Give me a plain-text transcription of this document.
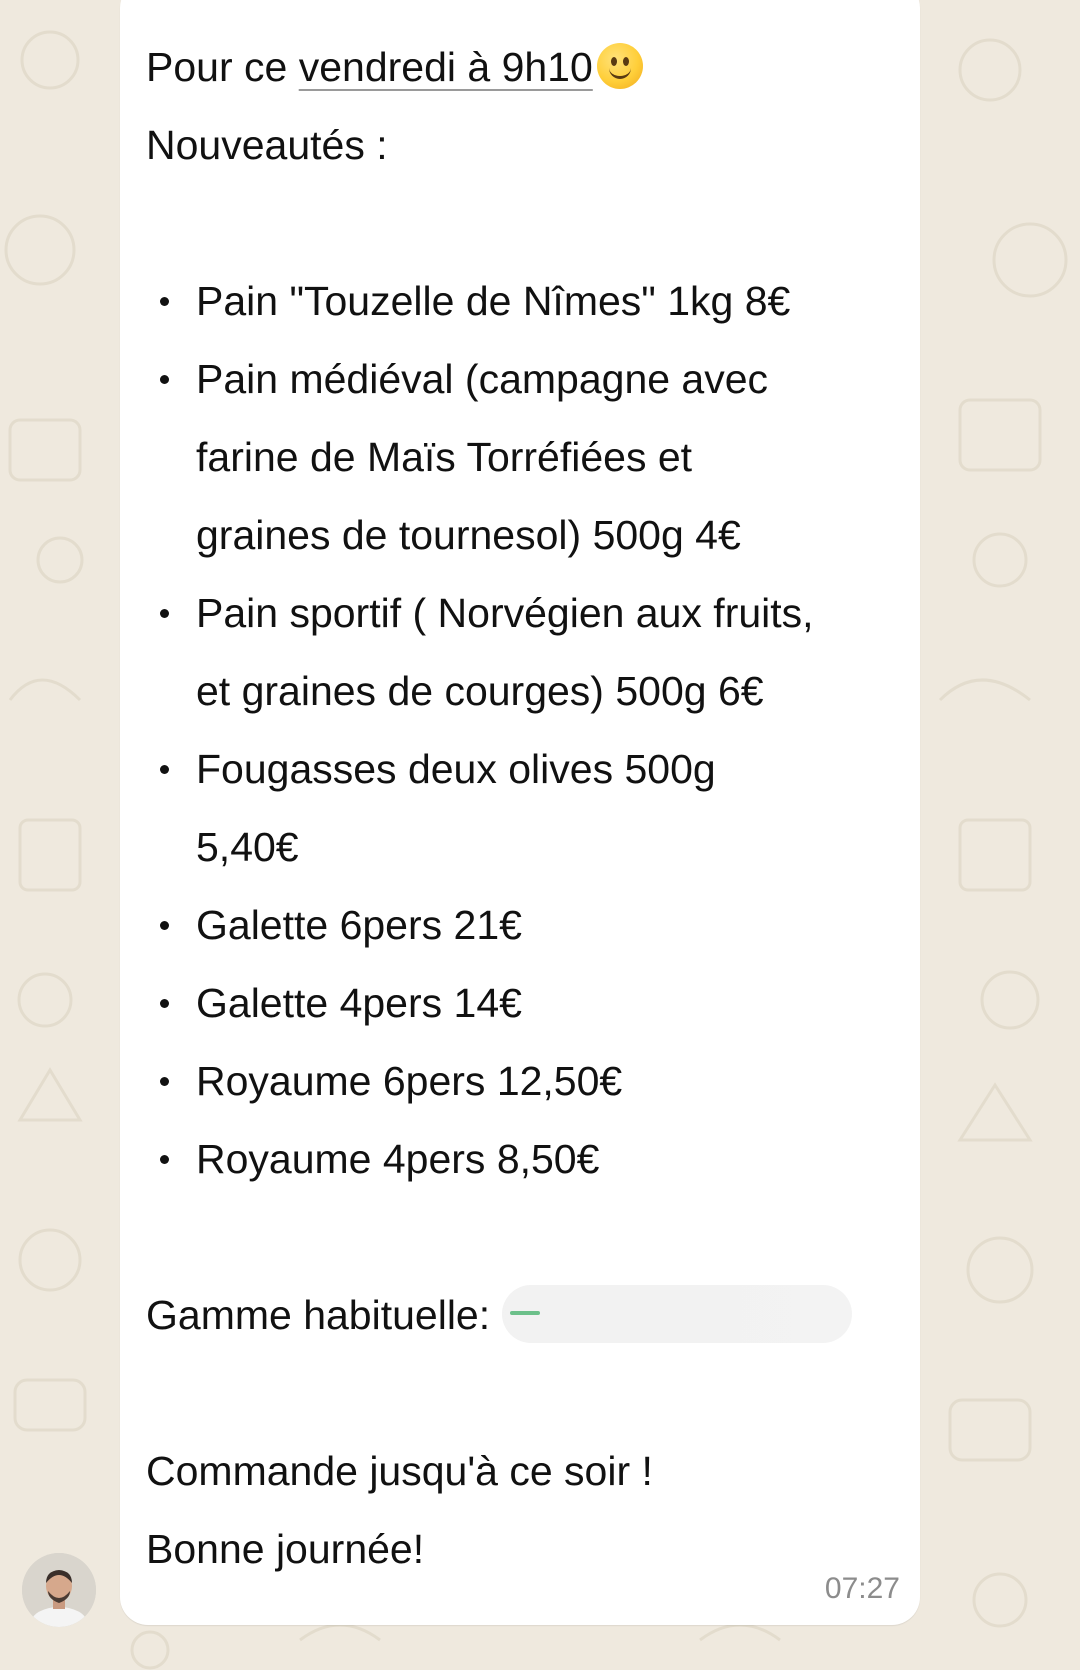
Pour ce vendredi à 9h10
Nouveautés :
Pain "Touzelle de Nîmes" 1kg 8€
Pain médiéval (campagne avec
farine de Maïs Torréfiées et
graines de tournesol) 500g 4€
Pain sportif ( Norvégien aux fruits,
et graines de courges) 500g 6€
Fougasses deux olives 500g
5,40€
Galette 6pers 21€
Galette 4pers 14€
Royaume 6pers 12,50€
Royaume 4pers 8,50€
Gamme habituelle:
Commande jusqu'à ce soir !
Bonne journée!
07:27
